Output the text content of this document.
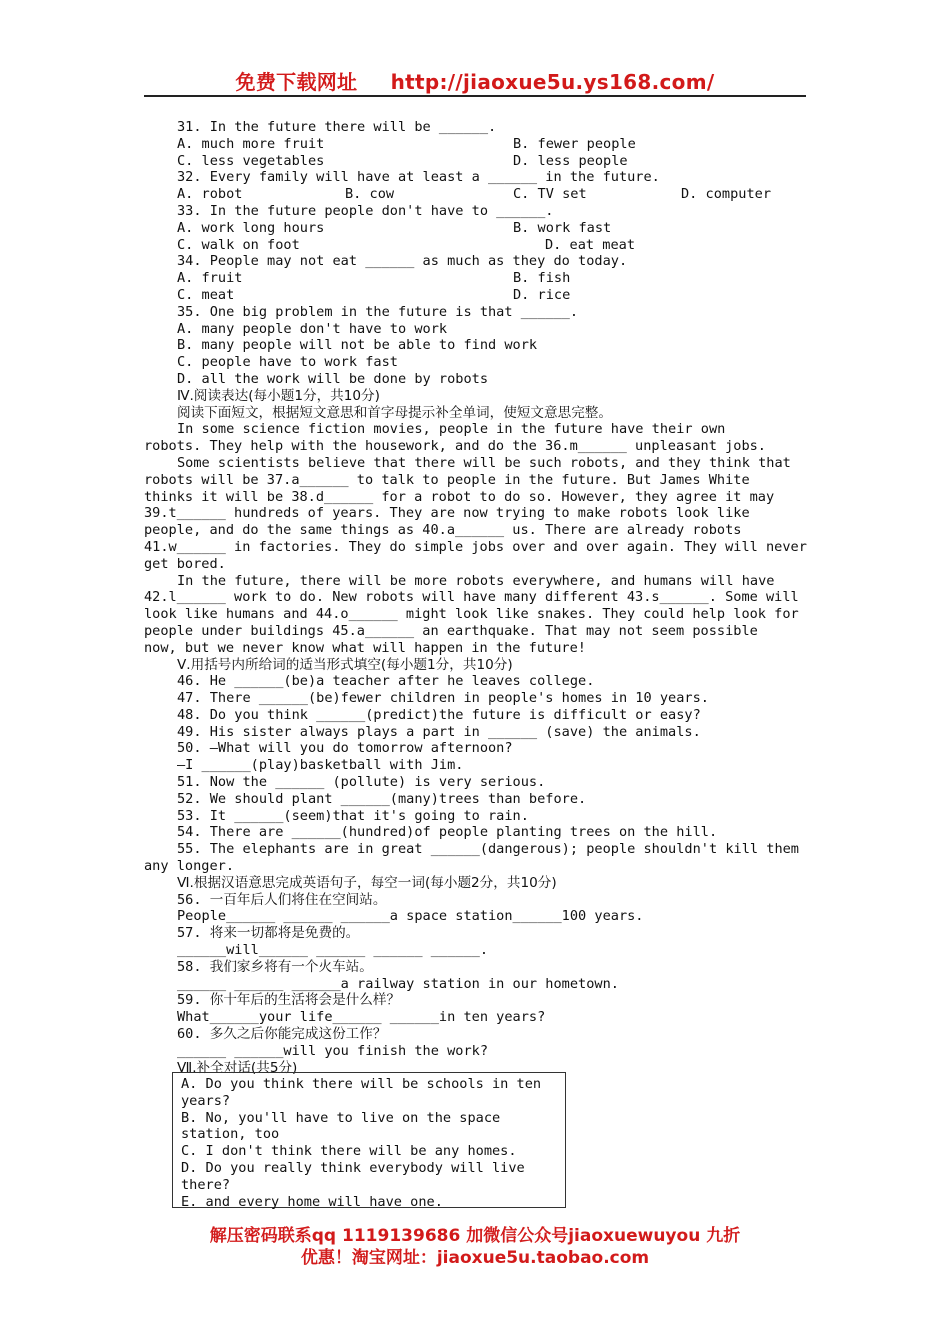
免费下载网址 http://jiaoxue5u.ys168.com/
31. In the future there will be ______.
A. much more fruit	B. fewer people
C. less vegetables	D. less people
32. Every family will have at least a ______ in the future.
A. robot	B. cow	C. TV set	D. computer
33. In the future people don't have to ______.
A. work long hours	B. work fast
C. walk on foot	D. eat meat
34. People may not eat ______ as much as they do today.
A. fruit	B. fish
C. meat	D. rice
35. One big problem in the future is that ______.
A. many people don't have to work
B. many people will not be able to find work
C. people have to work fast
D. all the work will be done by robots
Ⅳ.阅读表达(每小题1分，共10分)
阅读下面短文，根据短文意思和首字母提示补全单词，使短文意思完整。
In some science fiction movies, people in the future have their own
robots. They help with the housework, and do the 36.m______ unpleasant jobs.
Some scientists believe that there will be such robots, and they think that
robots will be 37.a______ to talk to people in the future. But James White
thinks it will be 38.d______ for a robot to do so. However, they agree it may
39.t______ hundreds of years. They are now trying to make robots look like
people, and do the same things as 40.a______ us. There are already robots
41.w______ in factories. They do simple jobs over and over again. They will never
get bored.
In the future, there will be more robots everywhere, and humans will have
42.l______ work to do. New robots will have many different 43.s______. Some will
look like humans and 44.o______ might look like snakes. They could help look for
people under buildings 45.a______ an earthquake. That may not seem possible
now, but we never know what will happen in the future!
Ⅴ.用括号内所给词的适当形式填空(每小题1分，共10分)
46. He ______(be)a teacher after he leaves college.
47. There ______(be)fewer children in people's homes in 10 years.
48. Do you think ______(predict)the future is difficult or easy?
49. His sister always plays a part in ______ (save) the animals.
50. —What will you do tomorrow afternoon?
—I ______(play)basketball with Jim.
51. Now the ______ (pollute) is very serious.
52. We should plant ______(many)trees than before.
53. It ______(seem)that it's going to rain.
54. There are ______(hundred)of people planting trees on the hill.
55. The elephants are in great ______(dangerous); people shouldn't kill them
any longer.
Ⅵ.根据汉语意思完成英语句子，每空一词(每小题2分，共10分)
56. 一百年后人们将住在空间站。
People______ ______ ______a space station______100 years.
57. 将来一切都将是免费的。
______will______ ______ ______ ______.
58. 我们家乡将有一个火车站。
______ ______ ______a railway station in our hometown.
59. 你十年后的生活将会是什么样？
What______your life______ ______in ten years?
60. 多久之后你能完成这份工作？
______ ______will you finish the work?
Ⅶ.补全对话(共5分)
A. Do you think there will be schools in ten
years?
B. No, you'll have to live on the space
station, too
C. I don't think there will be any homes.
D. Do you really think everybody will live
there?
E. and every home will have one.
解压密码联系qq 1119139686 加微信公众号jiaoxuewuyou 九折
优惠！淘宝网址：jiaoxue5u.taobao.com
